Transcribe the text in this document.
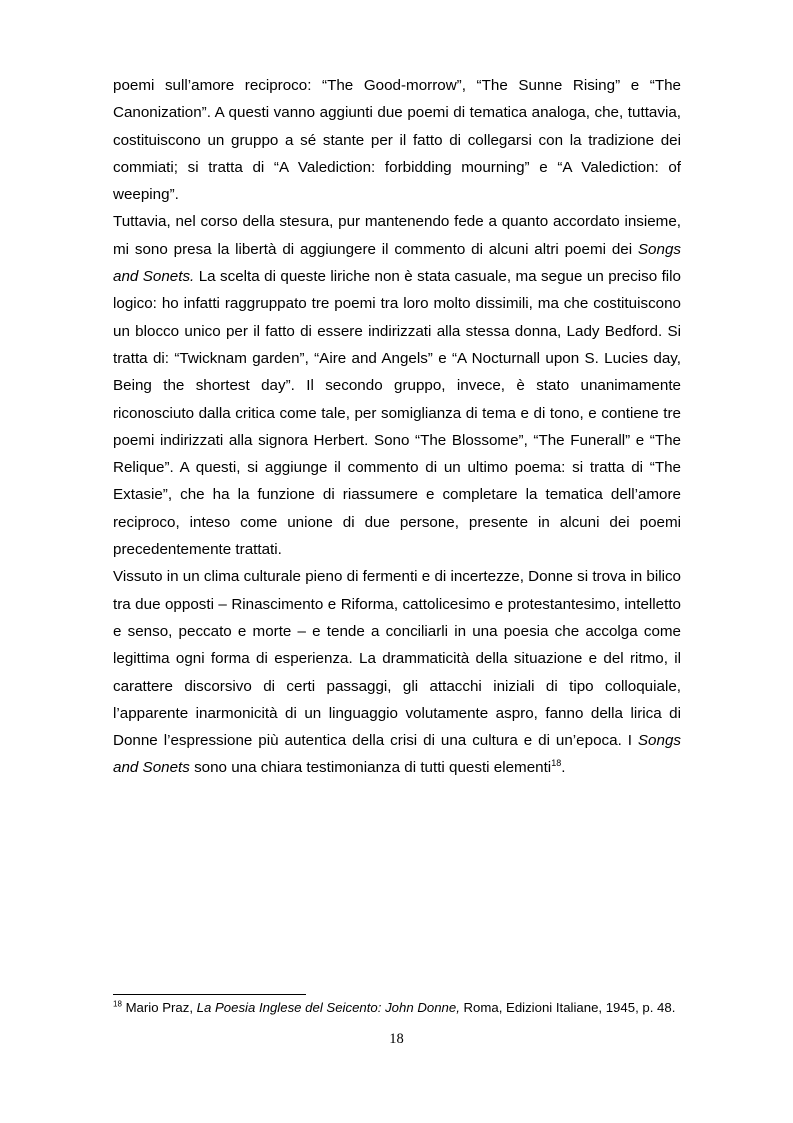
poemi sull’amore reciproco: “The Good-morrow”, “The Sunne Rising” e “The Canonization”. A questi vanno aggiunti due poemi di tematica analoga, che, tuttavia, costituiscono un gruppo a sé stante per il fatto di collegarsi con la tradizione dei commiati; si tratta di “A Valediction: forbidding mourning” e “A Valediction: of weeping”.

Tuttavia, nel corso della stesura, pur mantenendo fede a quanto accordato insieme, mi sono presa la libertà di aggiungere il commento di alcuni altri poemi dei Songs and Sonets. La scelta di queste liriche non è stata casuale, ma segue un preciso filo logico: ho infatti raggruppato tre poemi tra loro molto dissimili, ma che costituiscono un blocco unico per il fatto di essere indirizzati alla stessa donna, Lady Bedford. Si tratta di: “Twicknam garden”, “Aire and Angels” e “A Nocturnall upon S. Lucies day, Being the shortest day”. Il secondo gruppo, invece, è stato unanimamente riconosciuto dalla critica come tale, per somiglianza di tema e di tono, e contiene tre poemi indirizzati alla signora Herbert. Sono “The Blossome”, “The Funerall” e “The Relique”. A questi, si aggiunge il commento di un ultimo poema: si tratta di “The Extasie”, che ha la funzione di riassumere e completare la tematica dell’amore reciproco, inteso come unione di due persone, presente in alcuni dei poemi precedentemente trattati.

Vissuto in un clima culturale pieno di fermenti e di incertezze, Donne si trova in bilico tra due opposti – Rinascimento e Riforma, cattolicesimo e protestantesimo, intelletto e senso, peccato e morte – e tende a conciliarli in una poesia che accolga come legittima ogni forma di esperienza. La drammaticità della situazione e del ritmo, il carattere discorsivo di certi passaggi, gli attacchi iniziali di tipo colloquiale, l’apparente inarmonicità di un linguaggio volutamente aspro, fanno della lirica di Donne l’espressione più autentica della crisi di una cultura e di un’epoca. I Songs and Sonets sono una chiara testimonianza di tutti questi elementi$^{18}$.

$^{18}$ Mario Praz, La Poesia Inglese del Seicento: John Donne, Roma, Edizioni Italiane, 1945, p. 48.
18
